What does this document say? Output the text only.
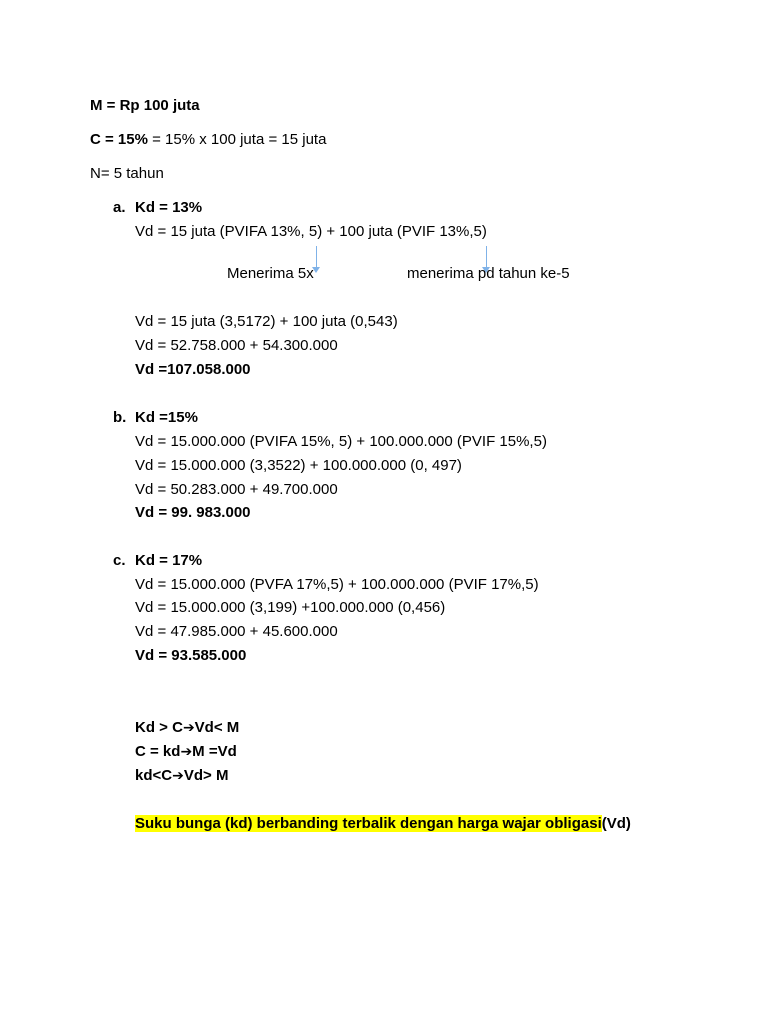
M = Rp 100 juta
C = 15% = 15% x 100 juta = 15 juta
N= 5 tahun
a. Kd = 13%
Vd = 15 juta (PVIFA 13%, 5) + 100 juta (PVIF 13%,5)
Menerima 5x	menerima pd tahun ke-5
Vd = 15 juta (3,5172) + 100 juta (0,543)
Vd = 52.758.000 + 54.300.000
Vd =107.058.000
b. Kd =15%
Vd = 15.000.000 (PVIFA 15%, 5) + 100.000.000 (PVIF 15%,5)
Vd = 15.000.000 (3,3522) + 100.000.000 (0, 497)
Vd = 50.283.000 + 49.700.000
Vd = 99. 983.000
c. Kd = 17%
Vd = 15.000.000 (PVFA 17%,5) + 100.000.000 (PVIF 17%,5)
Vd = 15.000.000 (3,199) +100.000.000 (0,456)
Vd = 47.985.000 + 45.600.000
Vd = 93.585.000
Kd > C➔Vd< M
C = kd➔M =Vd
kd<C➔Vd> M
Suku bunga (kd) berbanding terbalik dengan harga wajar obligasi(Vd)
